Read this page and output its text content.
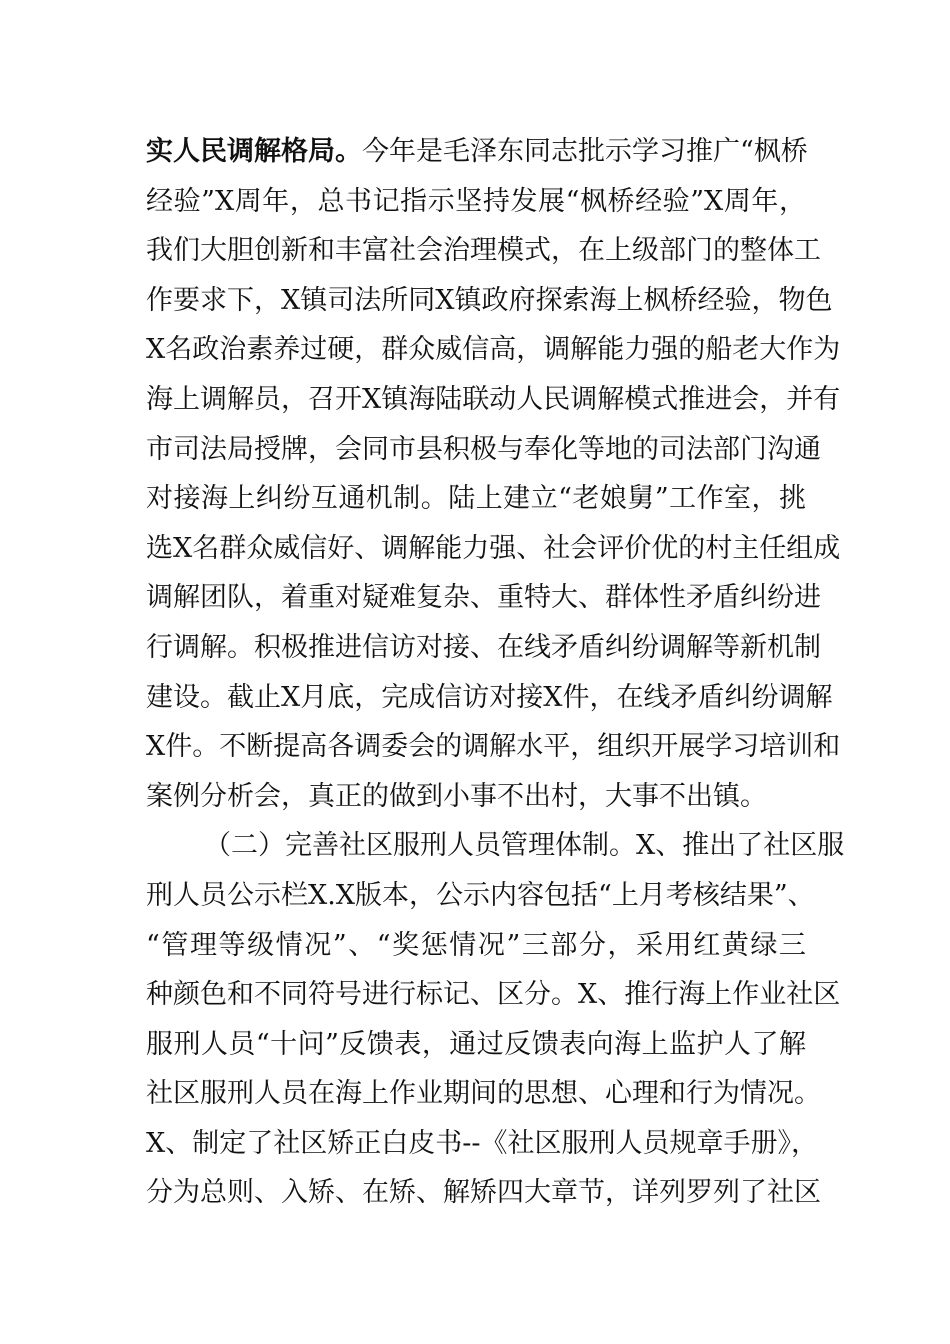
实人民调解格局。今年是毛泽东同志批示学习推广“枫桥
经验”X周年，总书记指示坚持发展“枫桥经验”X周年，
我们大胆创新和丰富社会治理模式，在上级部门的整体工
作要求下，X镇司法所同X镇政府探索海上枫桥经验，物色
X名政治素养过硬，群众威信高，调解能力强的船老大作为
海上调解员，召开X镇海陆联动人民调解模式推进会，并有
市司法局授牌，会同市县积极与奉化等地的司法部门沟通
对接海上纠纷互通机制。陆上建立“老娘舅”工作室，挑
选X名群众威信好、调解能力强、社会评价优的村主任组成
调解团队，着重对疑难复杂、重特大、群体性矛盾纠纷进
行调解。积极推进信访对接、在线矛盾纠纷调解等新机制
建设。截止X月底，完成信访对接X件，在线矛盾纠纷调解
X件。不断提高各调委会的调解水平，组织开展学习培训和
案例分析会，真正的做到小事不出村，大事不出镇。
（二）完善社区服刑人员管理体制。X、推出了社区服
刑人员公示栏X.X版本，公示内容包括“上月考核结果”、
“管理等级情况”、“奖惩情况”三部分，采用红黄绿三
种颜色和不同符号进行标记、区分。X、推行海上作业社区
服刑人员“十问”反馈表，通过反馈表向海上监护人了解
社区服刑人员在海上作业期间的思想、心理和行为情况。
X、制定了社区矫正白皮书--《社区服刑人员规章手册》，
分为总则、入矫、在矫、解矫四大章节，详列罗列了社区
